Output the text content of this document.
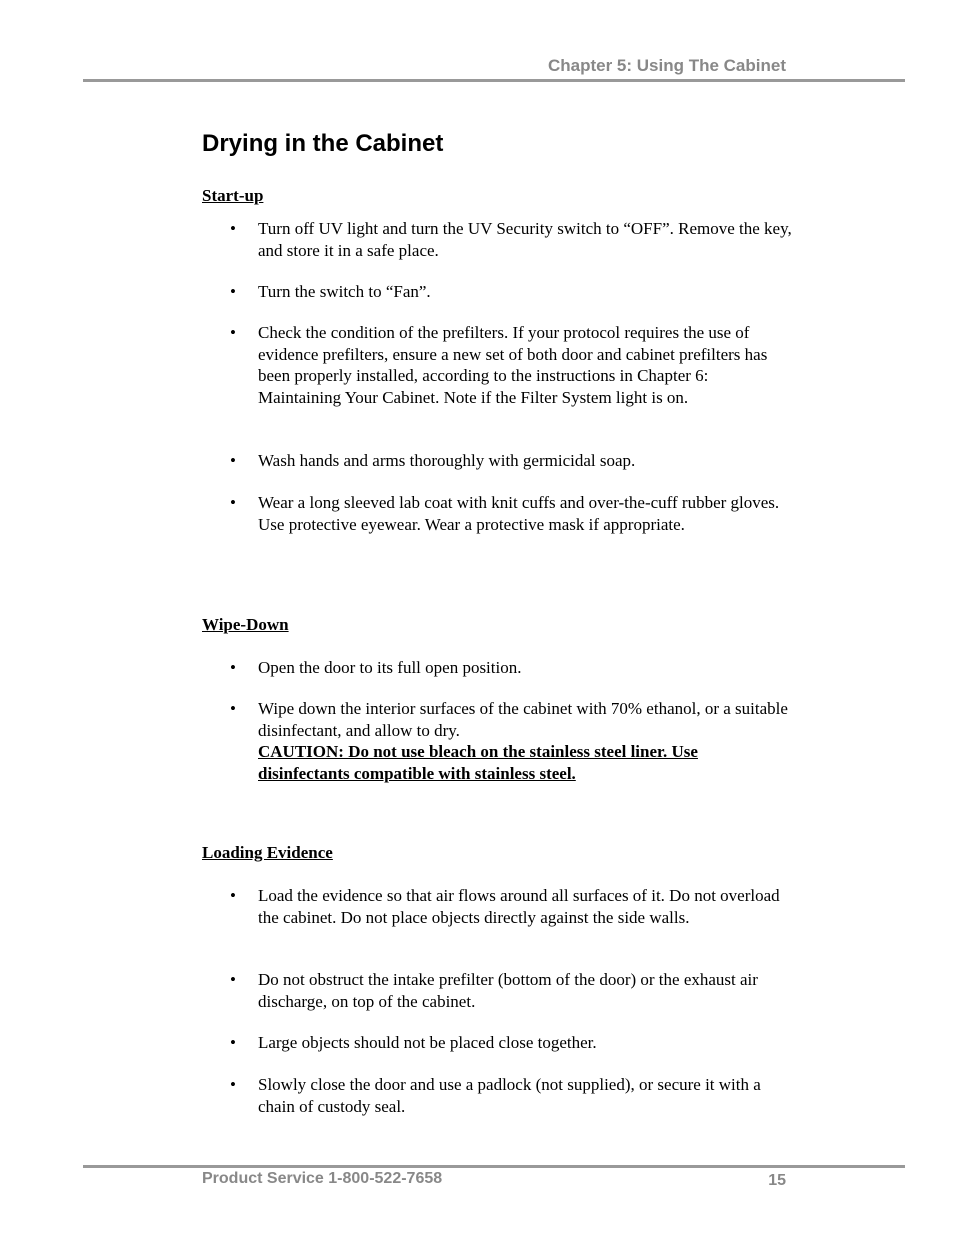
Chapter 5: Using The Cabinet
Drying in the Cabinet
Start-up
• Turn off UV light and turn the UV Security switch to “OFF”. Remove the key, and store it in a safe place.
• Turn the switch to “Fan”.
• Check the condition of the prefilters. If your protocol requires the use of evidence prefilters, ensure a new set of both door and cabinet prefilters has been properly installed, according to the instructions in Chapter 6: Maintaining Your Cabinet. Note if the Filter System light is on.
• Wash hands and arms thoroughly with germicidal soap.
• Wear a long sleeved lab coat with knit cuffs and over-the-cuff rubber gloves. Use protective eyewear. Wear a protective mask if appropriate.
Wipe-Down
• Open the door to its full open position.
• Wipe down the interior surfaces of the cabinet with 70% ethanol, or a suitable disinfectant, and allow to dry.
CAUTION: Do not use bleach on the stainless steel liner. Use disinfectants compatible with stainless steel.
Loading Evidence
• Load the evidence so that air flows around all surfaces of it. Do not overload the cabinet. Do not place objects directly against the side walls.
• Do not obstruct the intake prefilter (bottom of the door) or the exhaust air discharge, on top of the cabinet.
• Large objects should not be placed close together.
• Slowly close the door and use a padlock (not supplied), or secure it with a chain of custody seal.
Product Service 1-800-522-7658	15
